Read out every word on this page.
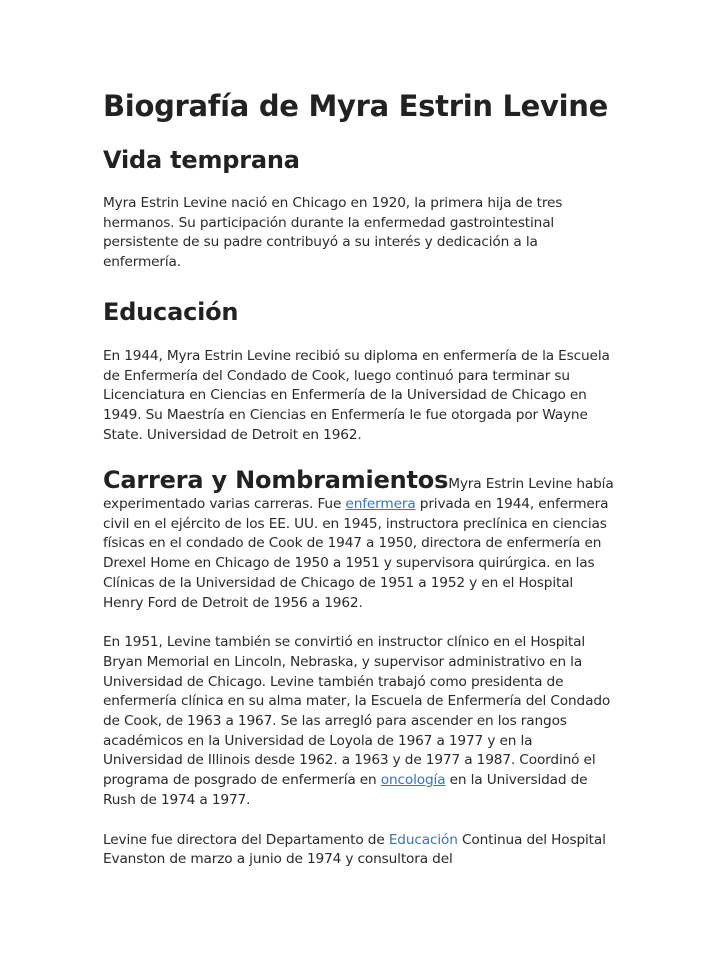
Biografía de Myra Estrin Levine
Vida temprana

Myra Estrin Levine nació en Chicago en 1920, la primera hija de tres hermanos. Su participación durante la enfermedad gastrointestinal persistente de su padre contribuyó a su interés y dedicación a la enfermería.

Educación

En 1944, Myra Estrin Levine recibió su diploma en enfermería de la Escuela de Enfermería del Condado de Cook, luego continuó para terminar su Licenciatura en Ciencias en Enfermería de la Universidad de Chicago en 1949. Su Maestría en Ciencias en Enfermería le fue otorgada por Wayne State. Universidad de Detroit en 1962.

Carrera y NombramientosMyra Estrin Levine había experimentado varias carreras. Fue enfermera privada en 1944, enfermera civil en el ejército de los EE. UU. en 1945, instructora preclínica en ciencias físicas en el condado de Cook de 1947 a 1950, directora de enfermería en Drexel Home en Chicago de 1950 a 1951 y supervisora quirúrgica. en las Clínicas de la Universidad de Chicago de 1951 a 1952 y en el Hospital Henry Ford de Detroit de 1956 a 1962.

En 1951, Levine también se convirtió en instructor clínico en el Hospital Bryan Memorial en Lincoln, Nebraska, y supervisor administrativo en la Universidad de Chicago. Levine también trabajó como presidenta de enfermería clínica en su alma mater, la Escuela de Enfermería del Condado de Cook, de 1963 a 1967. Se las arregló para ascender en los rangos académicos en la Universidad de Loyola de 1967 a 1977 y en la Universidad de Illinois desde 1962. a 1963 y de 1977 a 1987. Coordinó el programa de posgrado de enfermería en oncología en la Universidad de Rush de 1974 a 1977.

Levine fue directora del Departamento de Educación Continua del Hospital Evanston de marzo a junio de 1974 y consultora del
